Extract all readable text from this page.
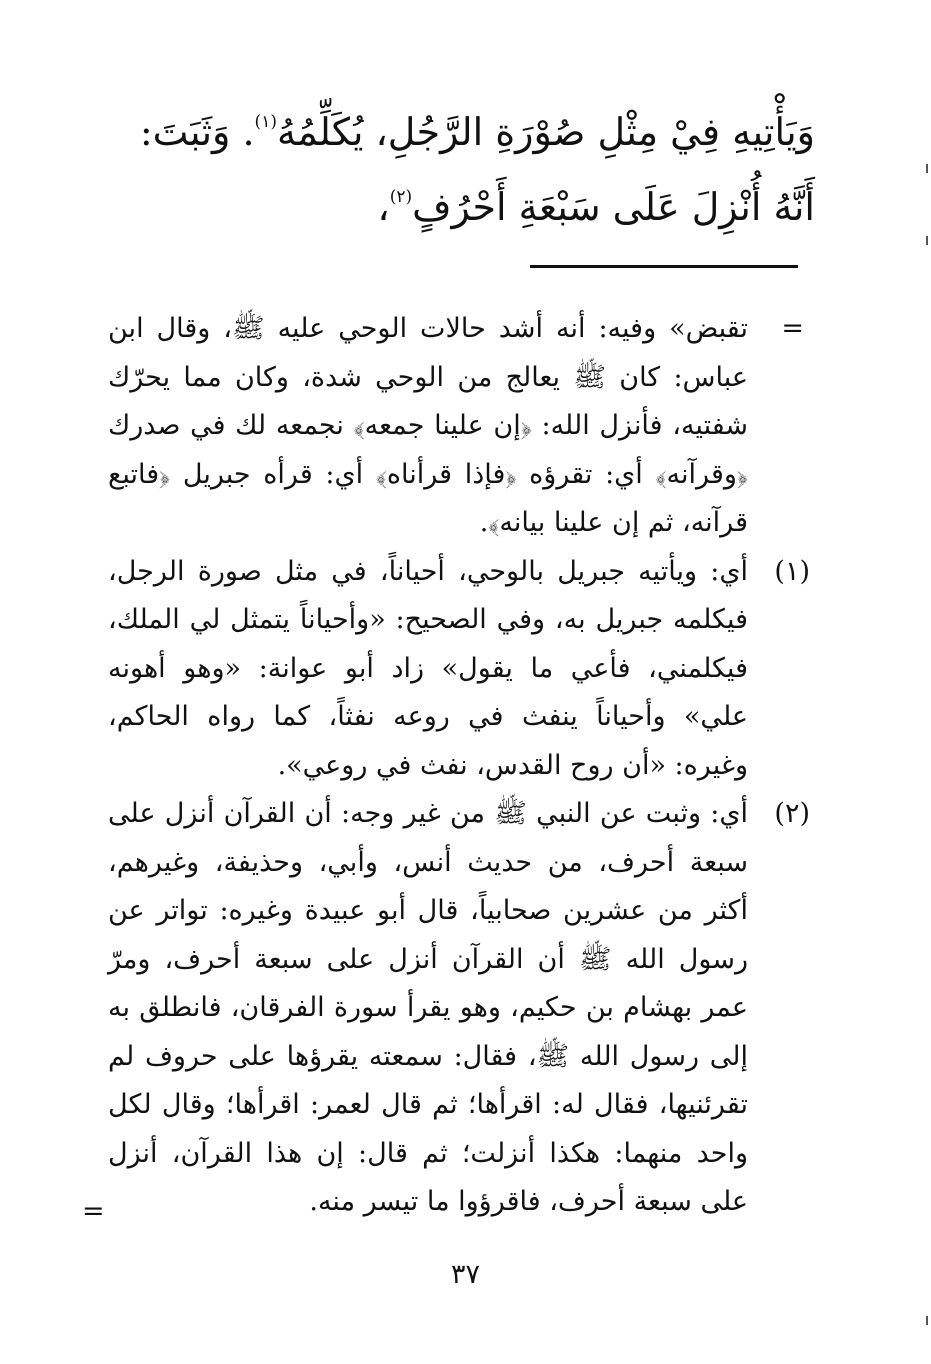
وَيَأْتِيهِ فِيْ مِثْلِ صُوْرَةِ الرَّجُلِ، يُكَلِّمُهُ$^{(١)}$. وَثَبَتَ: أَنَّهُ أُنْزِلَ عَلَى سَبْعَةِ أَحْرُفٍ$^{(٢)}$،

=

تقبض» وفيه: أنه أشد حالات الوحي عليه ﷺ، وقال ابن عباس: كان ﷺ يعالج من الوحي شدة، وكان مما يحرّك شفتيه، فأنزل الله: ﴿إن علينا جمعه﴾ نجمعه لك في صدرك ﴿وقرآنه﴾ أي: تقرؤه ﴿فإذا قرأناه﴾ أي: قرأه جبريل ﴿فاتبع قرآنه، ثم إن علينا بيانه﴾.

(١)

أي: ويأتيه جبريل بالوحي، أحياناً، في مثل صورة الرجل، فيكلمه جبريل به، وفي الصحيح: «وأحياناً يتمثل لي الملك، فيكلمني، فأعي ما يقول» زاد أبو عوانة: «وهو أهونه علي» وأحياناً ينفث في روعه نفثاً، كما رواه الحاكم، وغيره: «أن روح القدس، نفث في روعي».

(٢)

أي: وثبت عن النبي ﷺ من غير وجه: أن القرآن أنزل على سبعة أحرف، من حديث أنس، وأبي، وحذيفة، وغيرهم، أكثر من عشرين صحابياً، قال أبو عبيدة وغيره: تواتر عن رسول الله ﷺ أن القرآن أنزل على سبعة أحرف، ومرّ عمر بهشام بن حكيم، وهو يقرأ سورة الفرقان، فانطلق به إلى رسول الله ﷺ، فقال: سمعته يقرؤها على حروف لم تقرئنيها، فقال له: اقرأها؛ ثم قال لعمر: اقرأها؛ وقال لكل واحد منهما: هكذا أنزلت؛ ثم قال: إن هذا القرآن، أنزل على سبعة أحرف، فاقرؤوا ما تيسر منه.

=
٣٧
